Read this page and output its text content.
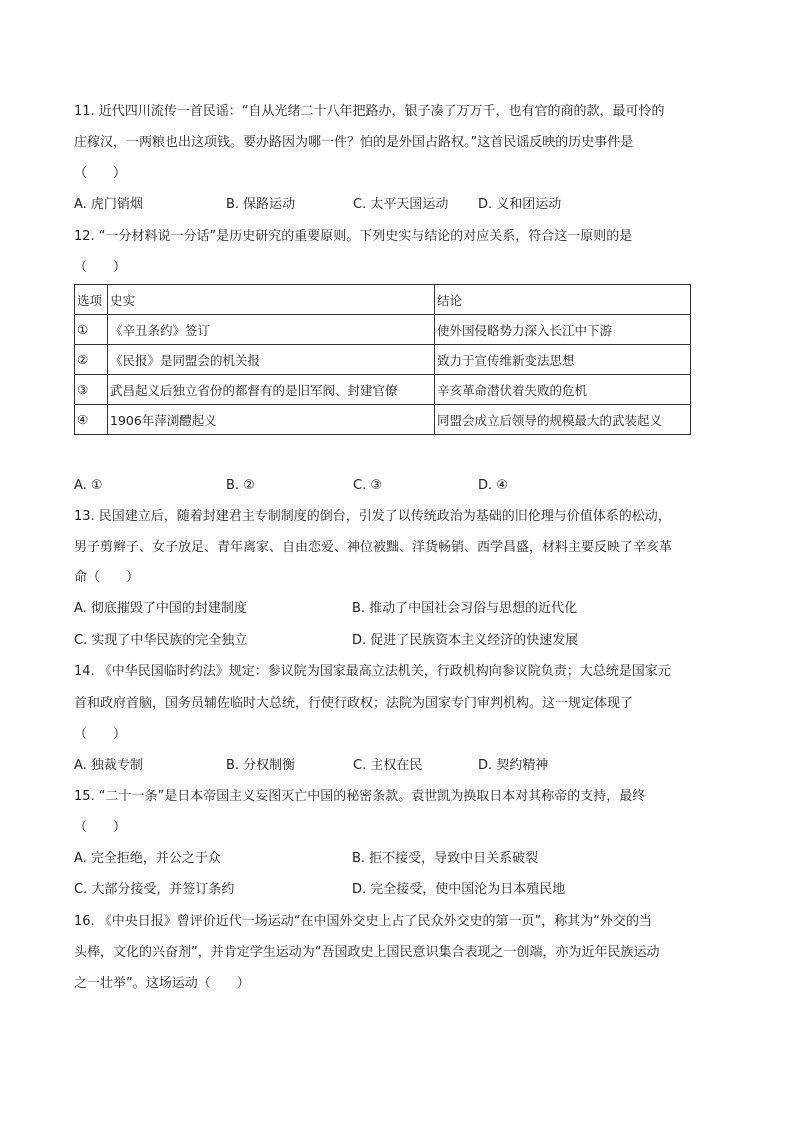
11. 近代四川流传一首民谣：“自从光绪二十八年把路办，银子凑了万万千，也有官的商的款，最可怜的
庄稼汉，一两粮也出这项钱。要办路因为哪一件？怕的是外国占路权。”这首民谣反映的历史事件是
（　　）
A. 虎门销烟	B. 保路运动	C. 太平天国运动 D. 义和团运动
12. “一分材料说一分话”是历史研究的重要原则。下列史实与结论的对应关系，符合这一原则的是
（　　）
选项	史实	结论
①	《辛丑条约》签订	使外国侵略势力深入长江中下游
②	《民报》是同盟会的机关报	致力于宣传维新变法思想
③	武昌起义后独立省份的都督有的是旧军阀、封建官僚	辛亥革命潜伏着失败的危机
④	1906年萍浏醴起义	同盟会成立后领导的规模最大的武装起义
A. ①	B. ②	C. ③	D. ④
13. 民国建立后，随着封建君主专制制度的倒台，引发了以传统政治为基础的旧伦理与价值体系的松动，
男子剪辫子、女子放足、青年离家、自由恋爱、神位被黜、洋货畅销、西学昌盛，材料主要反映了辛亥革
命（　　）
A. 彻底摧毁了中国的封建制度	B. 推动了中国社会习俗与思想的近代化
C. 实现了中华民族的完全独立	D. 促进了民族资本主义经济的快速发展
14. 《中华民国临时约法》规定：参议院为国家最高立法机关，行政机构向参议院负责；大总统是国家元
首和政府首脑，国务员辅佐临时大总统，行使行政权；法院为国家专门审判机构。这一规定体现了
（　　）
A. 独裁专制	B. 分权制衡	C. 主权在民	D. 契约精神
15. “二十一条”是日本帝国主义妄图灭亡中国的秘密条款。袁世凯为换取日本对其称帝的支持，最终
（　　）
A. 完全拒绝，并公之于众	B. 拒不接受，导致中日关系破裂
C. 大部分接受，并签订条约	D. 完全接受，使中国沦为日本殖民地
16. 《中央日报》曾评价近代一场运动“在中国外交史上占了民众外交史的第一页”，称其为“外交的当
头棒，文化的兴奋剂”，并肯定学生运动为“吾国政史上国民意识集合表现之一创端，亦为近年民族运动
之一壮举”。这场运动（　　）
